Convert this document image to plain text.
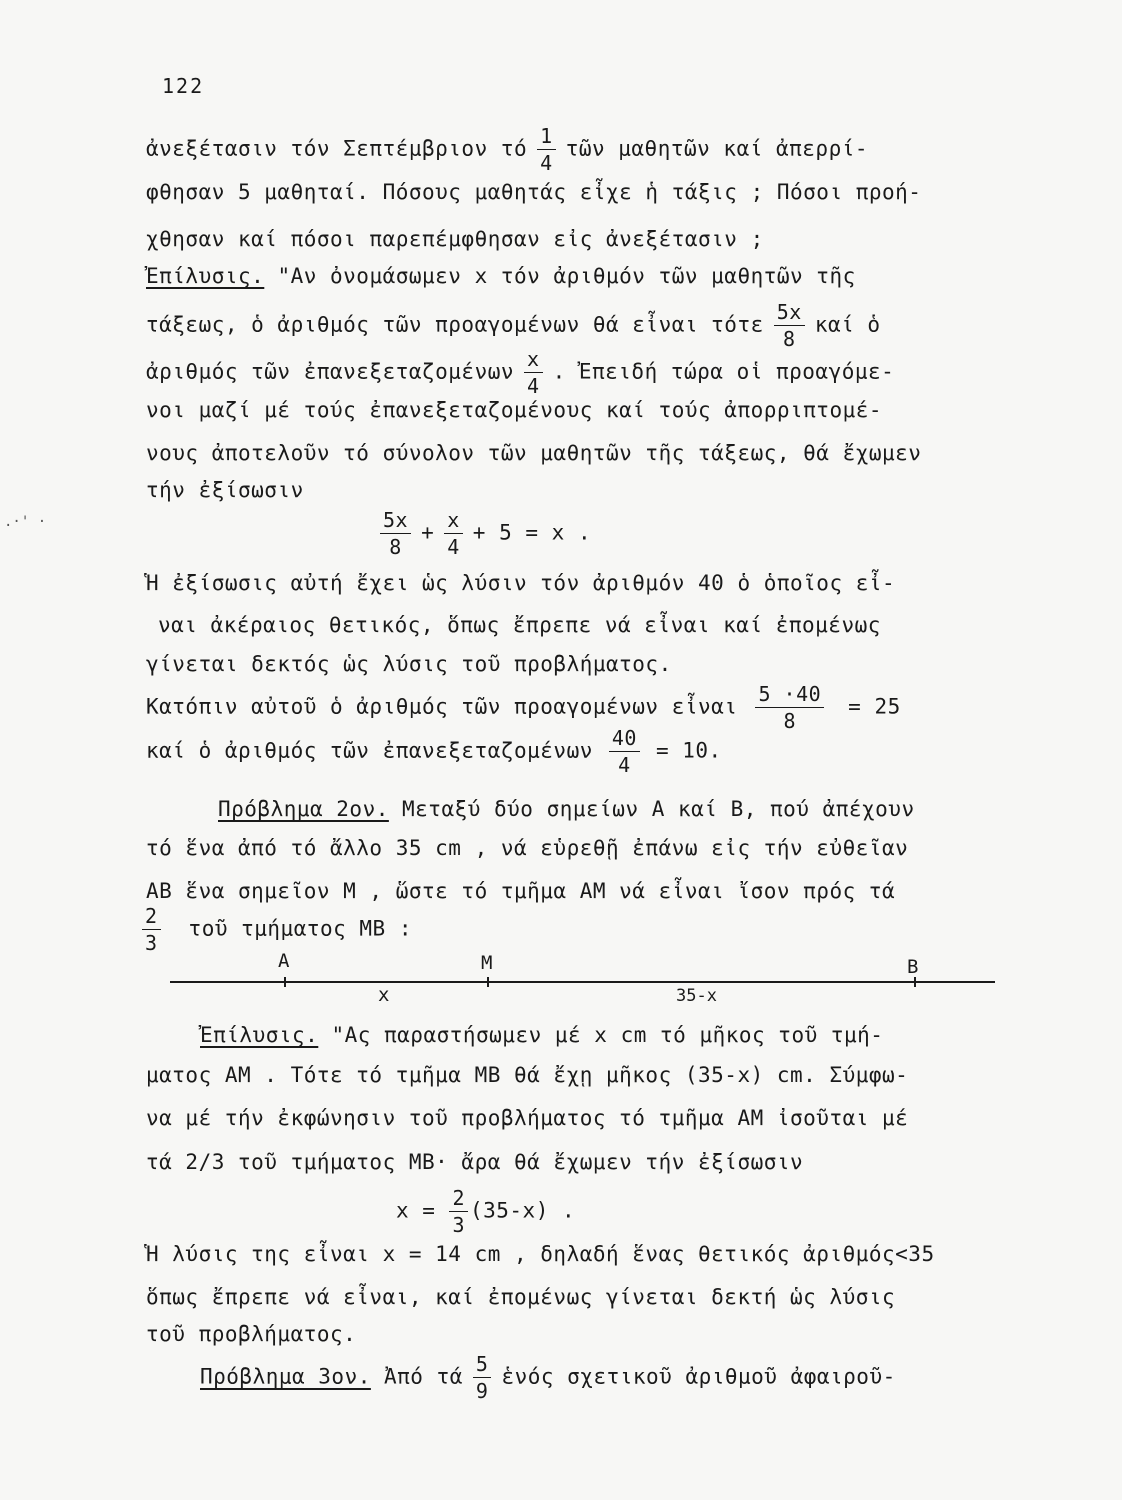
.·' ·
122
ἀνεξέτασιν τόν Σεπτέμβριον τό $\frac{1}{4}$ τῶν μαθητῶν καί ἀπερρί-
φθησαν 5 μαθηταί. Πόσους μαθητάς εἶχε ἡ τάξις ; Πόσοι προή-
χθησαν καί πόσοι παρεπέμφθησαν εἰς ἀνεξέτασιν ;
Ἐπίλυσις. "Αν ὀνομάσωμεν x τόν ἀριθμόν τῶν μαθητῶν τῆς
τάξεως, ὁ ἀριθμός τῶν προαγομένων θά εἶναι τότε $\frac{5x}{8}$ καί ὁ
ἀριθμός τῶν ἐπανεξεταζομένων $\frac{x}{4}$ . Ἐπειδή τώρα οἱ προαγόμε-
νοι μαζί μέ τούς ἐπανεξεταζομένους καί τούς ἀπορριπτομέ-
νους ἀποτελοῦν τό σύνολον τῶν μαθητῶν τῆς τάξεως, θά ἔχωμεν
τήν ἐξίσωσιν
$\frac{5x}{8} + \frac{x}{4} + 5 = x$ .
Ἡ ἐξίσωσις αὐτή ἔχει ὡς λύσιν τόν ἀριθμόν 40 ὁ ὁποῖος εἶ-
ναι ἀκέραιος θετικός, ὅπως ἔπρεπε νά εἶναι καί ἐπομένως
γίνεται δεκτός ὡς λύσις τοῦ προβλήματος.
Κατόπιν αὐτοῦ ὁ ἀριθμός τῶν προαγομένων εἶναι $\frac{5 \cdot 40}{8} = 25$
καί ὁ ἀριθμός τῶν ἐπανεξεταζομένων $\frac{40}{4} = 10$.
Πρόβλημα 2ον. Μεταξύ δύο σημείων Α καί Β, πού ἀπέχουν
τό ἕνα ἀπό τό ἄλλο 35 cm , νά εὑρεθῇ ἐπάνω εἰς τήν εὐθεῖαν
ΑΒ ἕνα σημεῖον Μ , ὥστε τό τμῆμα ΑΜ νά εἶναι ἴσον πρός τά
$\frac{2}{3}$ τοῦ τμήματος ΜΒ :
A	M	B
x	35-x
Ἐπίλυσις. "Ας παραστήσωμεν μέ x cm τό μῆκος τοῦ τμή-
ματος ΑΜ . Τότε τό τμῆμα ΜΒ θά ἔχῃ μῆκος (35-x) cm. Σύμφω-
να μέ τήν ἐκφώνησιν τοῦ προβλήματος τό τμῆμα ΑΜ ἰσοῦται μέ
τά 2/3 τοῦ τμήματος ΜΒ· ἄρα θά ἔχωμεν τήν ἐξίσωσιν
$x = \frac{2}{3} (35-x)$ .
Ἡ λύσις της εἶναι x = 14 cm , δηλαδή ἕνας θετικός ἀριθμός<35
ὅπως ἔπρεπε νά εἶναι, καί ἐπομένως γίνεται δεκτή ὡς λύσις
τοῦ προβλήματος.
Πρόβλημα 3ον. Ἀπό τά $\frac{5}{9}$ ἑνός σχετικοῦ ἀριθμοῦ ἀφαιροῦ-
